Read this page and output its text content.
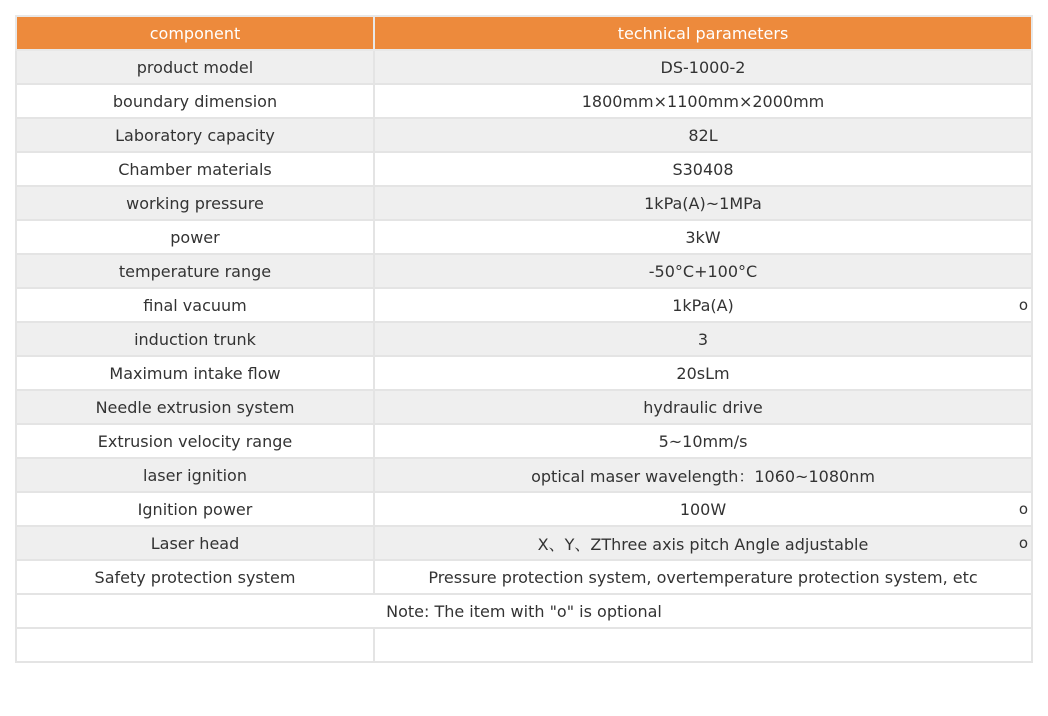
component	technical parameters
product model	DS-1000-2
boundary dimension	1800mm×1100mm×2000mm
Laboratory capacity	82L
Chamber materials	S30408
working pressure	1kPa(A)~1MPa
power	3kW
temperature range	-50°C+100°C
final vacuum	1kPa(A) o

induction trunk	3
Maximum intake flow	20sLm
Needle extrusion system	hydraulic drive
Extrusion velocity range	5~10mm/s
laser ignition	optical maser wavelength：1060~1080nm
Ignition power	100W o

Laser head	X、Y、ZThree axis pitch Angle adjustable o

Safety protection system	Pressure protection system, overtemperature protection system, etc
Note: The item with "o" is optional	
